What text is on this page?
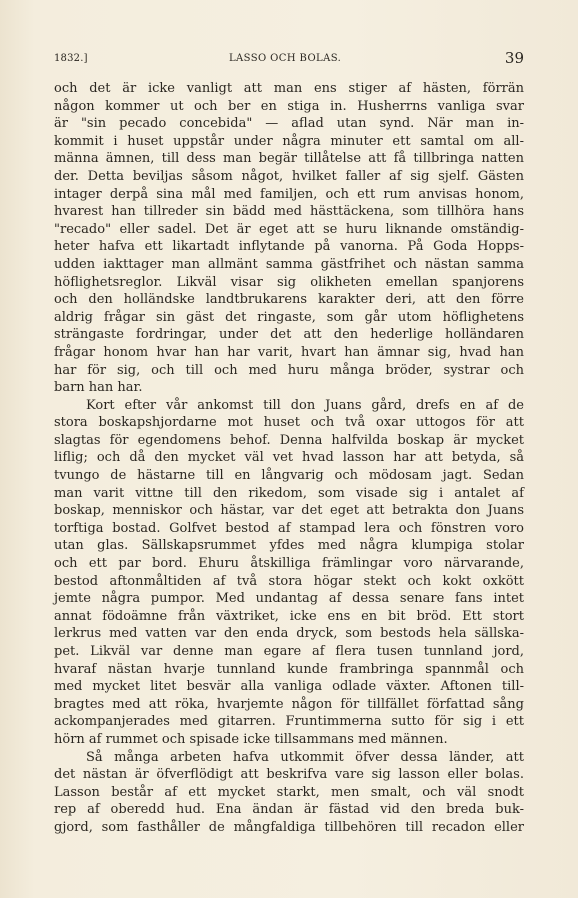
1832.]	LASSO OCH BOLAS.	39
och det är icke vanligt att man ens stiger af hästen, förrän
någon kommer ut och ber en stiga in. Husherrns vanliga svar
är "sin pecado concebida" — aflad utan synd. När man in-
kommit i huset uppstår under några minuter ett samtal om all-
männa ämnen, till dess man begär tillåtelse att få tillbringa natten
der. Detta beviljas såsom något, hvilket faller af sig sjelf. Gästen
intager derpå sina mål med familjen, och ett rum anvisas honom,
hvarest han tillreder sin bädd med hästtäckena, som tillhöra hans
"recado" eller sadel. Det är eget att se huru liknande omständig-
heter hafva ett likartadt inflytande på vanorna. På Goda Hopps-
udden iakttager man allmänt samma gästfrihet och nästan samma
höflighetsreglor. Likväl visar sig olikheten emellan spanjorens
och den holländske landtbrukarens karakter deri, att den förre
aldrig frågar sin gäst det ringaste, som går utom höflighetens
strängaste fordringar, under det att den hederlige holländaren
frågar honom hvar han har varit, hvart han ämnar sig, hvad han
har för sig, och till och med huru många bröder, systrar och
barn han har.
Kort efter vår ankomst till don Juans gård, drefs en af de
stora boskapshjordarne mot huset och två oxar uttogos för att
slagtas för egendomens behof. Denna halfvilda boskap är mycket
liflig; och då den mycket väl vet hvad lasson har att betyda, så
tvungo de hästarne till en långvarig och mödosam jagt. Sedan
man varit vittne till den rikedom, som visade sig i antalet af
boskap, menniskor och hästar, var det eget att betrakta don Juans
torftiga bostad. Golfvet bestod af stampad lera och fönstren voro
utan glas. Sällskapsrummet yfdes med några klumpiga stolar
och ett par bord. Ehuru åtskilliga främlingar voro närvarande,
bestod aftonmåltiden af två stora högar stekt och kokt oxkött
jemte några pumpor. Med undantag af dessa senare fans intet
annat födoämne från växtriket, icke ens en bit bröd. Ett stort
lerkrus med vatten var den enda dryck, som bestods hela sällska-
pet. Likväl var denne man egare af flera tusen tunnland jord,
hvaraf nästan hvarje tunnland kunde frambringa spannmål och
med mycket litet besvär alla vanliga odlade växter. Aftonen till-
bragtes med att röka, hvarjemte någon för tillfället författad sång
ackompanjerades med gitarren. Fruntimmerna sutto för sig i ett
hörn af rummet och spisade icke tillsammans med männen.
Så många arbeten hafva utkommit öfver dessa länder, att
det nästan är öfverflödigt att beskrifva vare sig lasson eller bolas.
Lasson består af ett mycket starkt, men smalt, och väl snodt
rep af oberedd hud. Ena ändan är fästad vid den breda buk-
gjord, som fasthåller de mångfaldiga tillbehören till recadon eller
